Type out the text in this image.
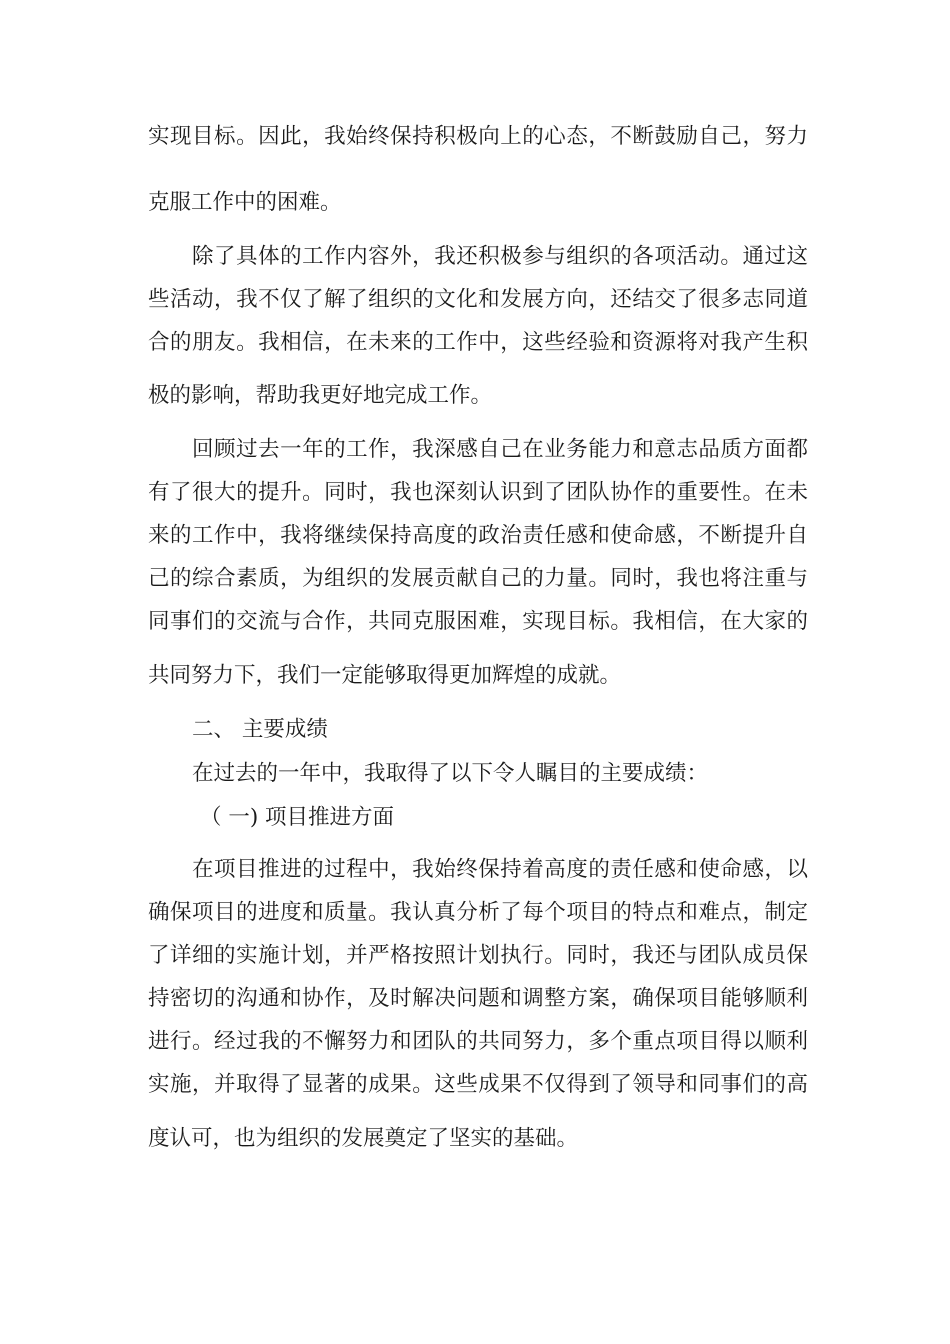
实现目标。因此，我始终保持积极向上的心态，不断鼓励自己，努力
克服工作中的困难。
除了具体的工作内容外，我还积极参与组织的各项活动。通过这
些活动，我不仅了解了组织的文化和发展方向，还结交了很多志同道
合的朋友。我相信，在未来的工作中，这些经验和资源将对我产生积
极的影响，帮助我更好地完成工作。
回顾过去一年的工作，我深感自己在业务能力和意志品质方面都
有了很大的提升。同时，我也深刻认识到了团队协作的重要性。在未
来的工作中，我将继续保持高度的政治责任感和使命感，不断提升自
己的综合素质，为组织的发展贡献自己的力量。同时，我也将注重与
同事们的交流与合作，共同克服困难，实现目标。我相信，在大家的
共同努力下，我们一定能够取得更加辉煌的成就。
二、 主要成绩
在过去的一年中，我取得了以下令人瞩目的主要成绩：
（ 一) 项目推进方面
在项目推进的过程中，我始终保持着高度的责任感和使命感，以
确保项目的进度和质量。我认真分析了每个项目的特点和难点，制定
了详细的实施计划，并严格按照计划执行。同时，我还与团队成员保
持密切的沟通和协作，及时解决问题和调整方案，确保项目能够顺利
进行。经过我的不懈努力和团队的共同努力，多个重点项目得以顺利
实施，并取得了显著的成果。这些成果不仅得到了领导和同事们的高
度认可，也为组织的发展奠定了坚实的基础。
